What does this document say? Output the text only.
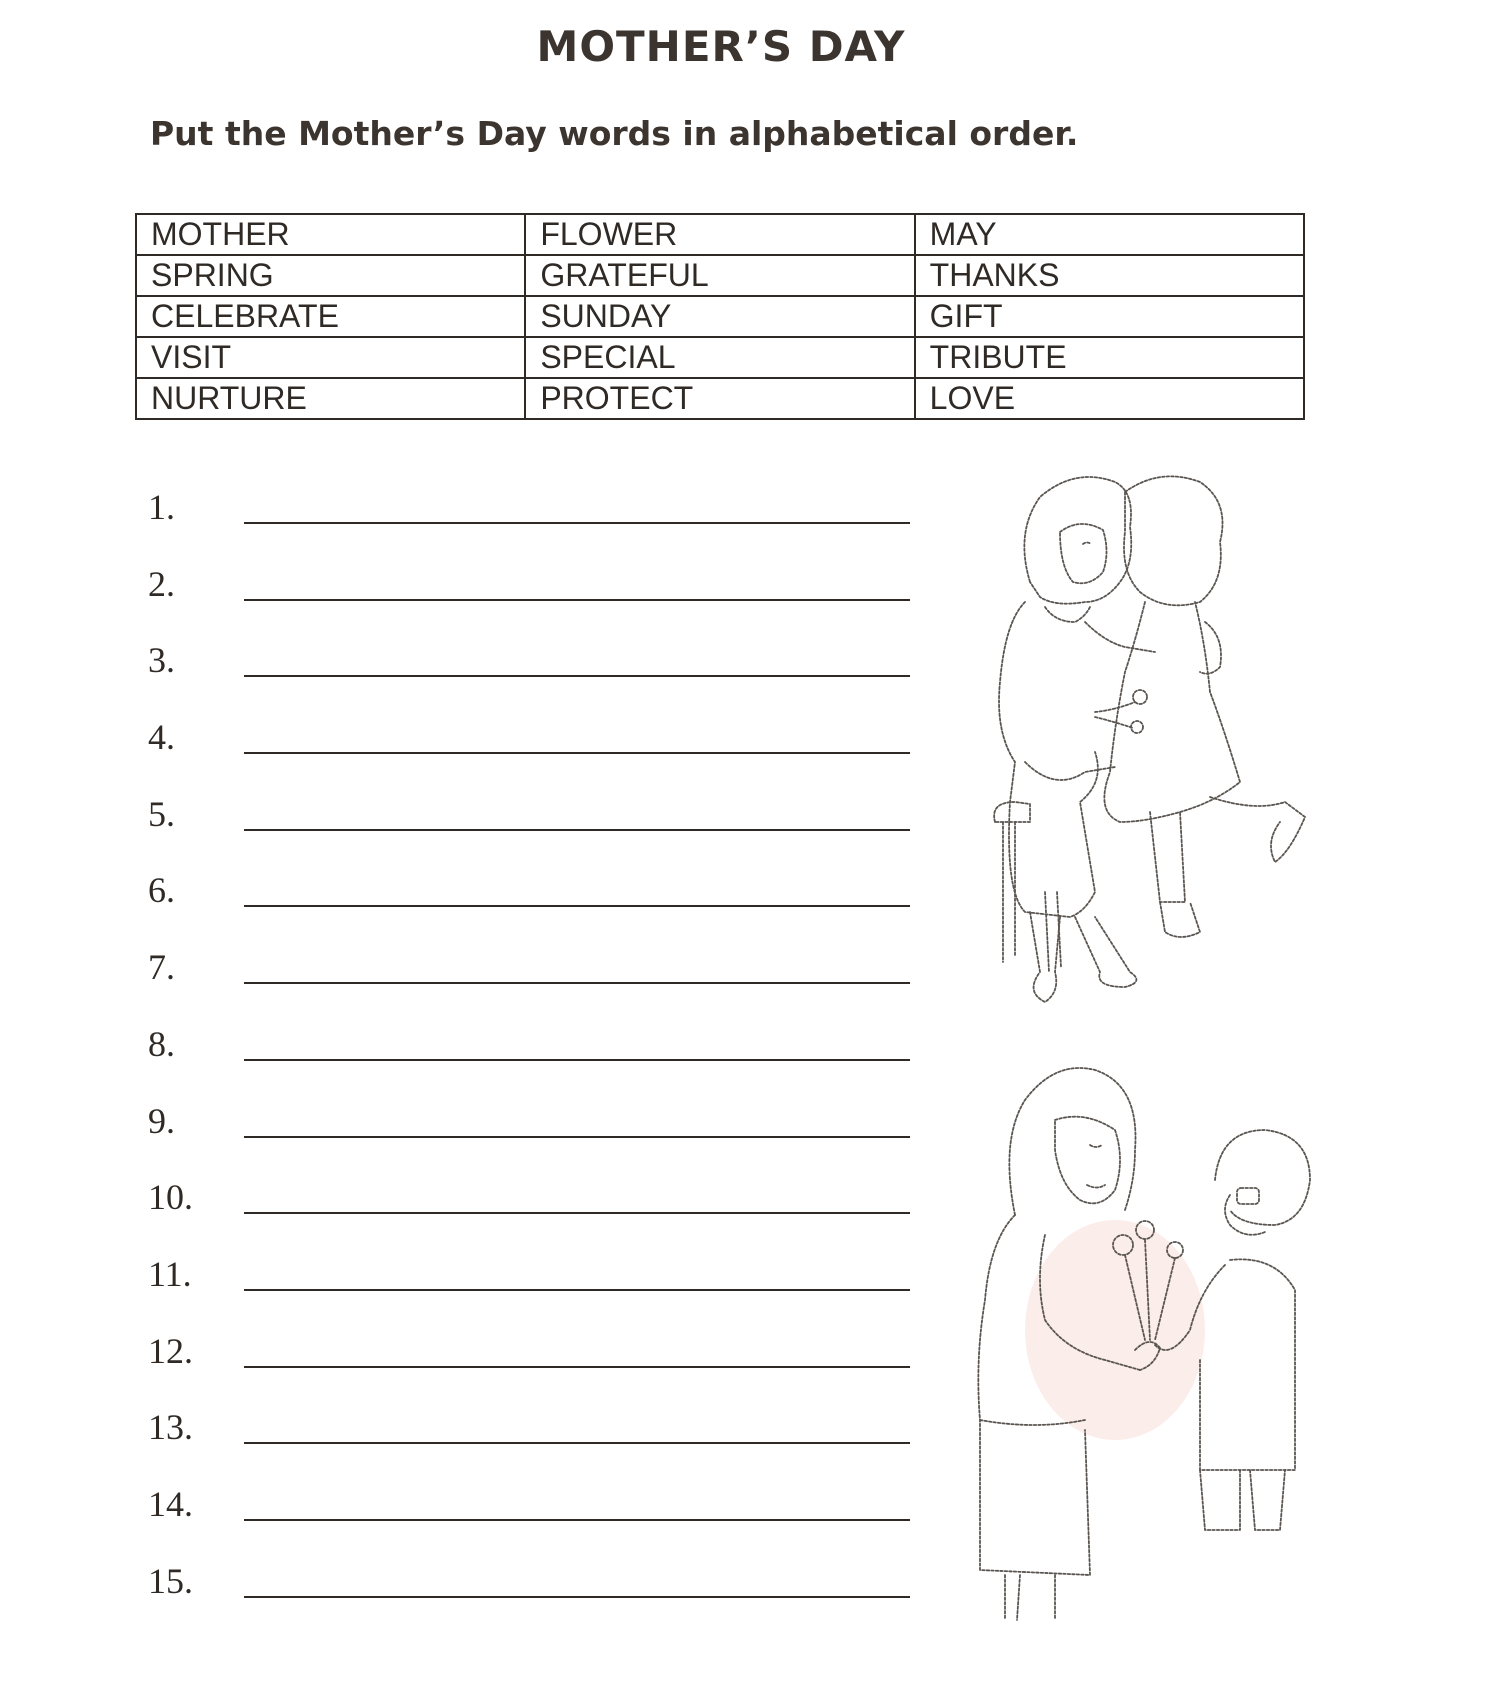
MOTHER’S DAY
Put the Mother’s Day words in alphabetical order.
MOTHER	FLOWER	MAY
SPRING	GRATEFUL	THANKS
CELEBRATE	SUNDAY	GIFT
VISIT	SPECIAL	TRIBUTE
NURTURE	PROTECT	LOVE
1.
2.
3.
4.
5.
6.
7.
8.
9.
10.
11.
12.
13.
14.
15.
